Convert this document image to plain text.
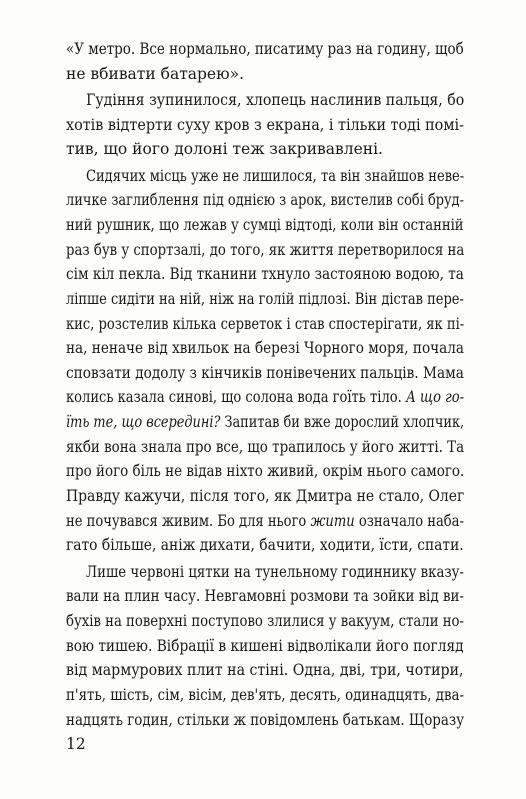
«У метро. Все нормально, писатиму раз на годину, щоб
не вбивати батарею».
Гудіння зупинилося, хлопець наслинив пальця, бо
хотів відтерти суху кров з екрана, і тільки тоді помі-
тив, що його долоні теж закривавлені.
Сидячих місць уже не лишилося, та він знайшов неве-
личке заглиблення під однією з арок, вистелив собі бруд-
ний рушник, що лежав у сумці відтоді, коли він останній
раз був у спортзалі, до того, як життя перетворилося на
сім кіл пекла. Від тканини тхнуло застояною водою, та
ліпше сидіти на ній, ніж на голій підлозі. Він дістав пере-
кис, розстелив кілька серветок і став спостерігати, як пі-
на, неначе від хвильок на березі Чорного моря, почала
сповзати додолу з кінчиків понівечених пальців. Мама
колись казала синові, що солона вода гоїть тіло. А що го-
їть те, що всередині? Запитав би вже дорослий хлопчик,
якби вона знала про все, що трапилось у його житті. Та
про його біль не відав ніхто живий, окрім нього самого.
Правду кажучи, після того, як Дмитра не стало, Олег
не почувався живим. Бо для нього жити означало наба-
гато більше, аніж дихати, бачити, ходити, їсти, спати.
Лише червоні цятки на тунельному годиннику вказу-
вали на плин часу. Невгамовні розмови та зойки від ви-
бухів на поверхні поступово злилися у вакуум, стали но-
вою тишею. Вібрації в кишені відволікали його погляд
від мармурових плит на стіні. Одна, дві, три, чотири,
п'ять, шість, сім, вісім, дев'ять, десять, одинадцять, два-
надцять годин, стільки ж повідомлень батькам. Щоразу
12
